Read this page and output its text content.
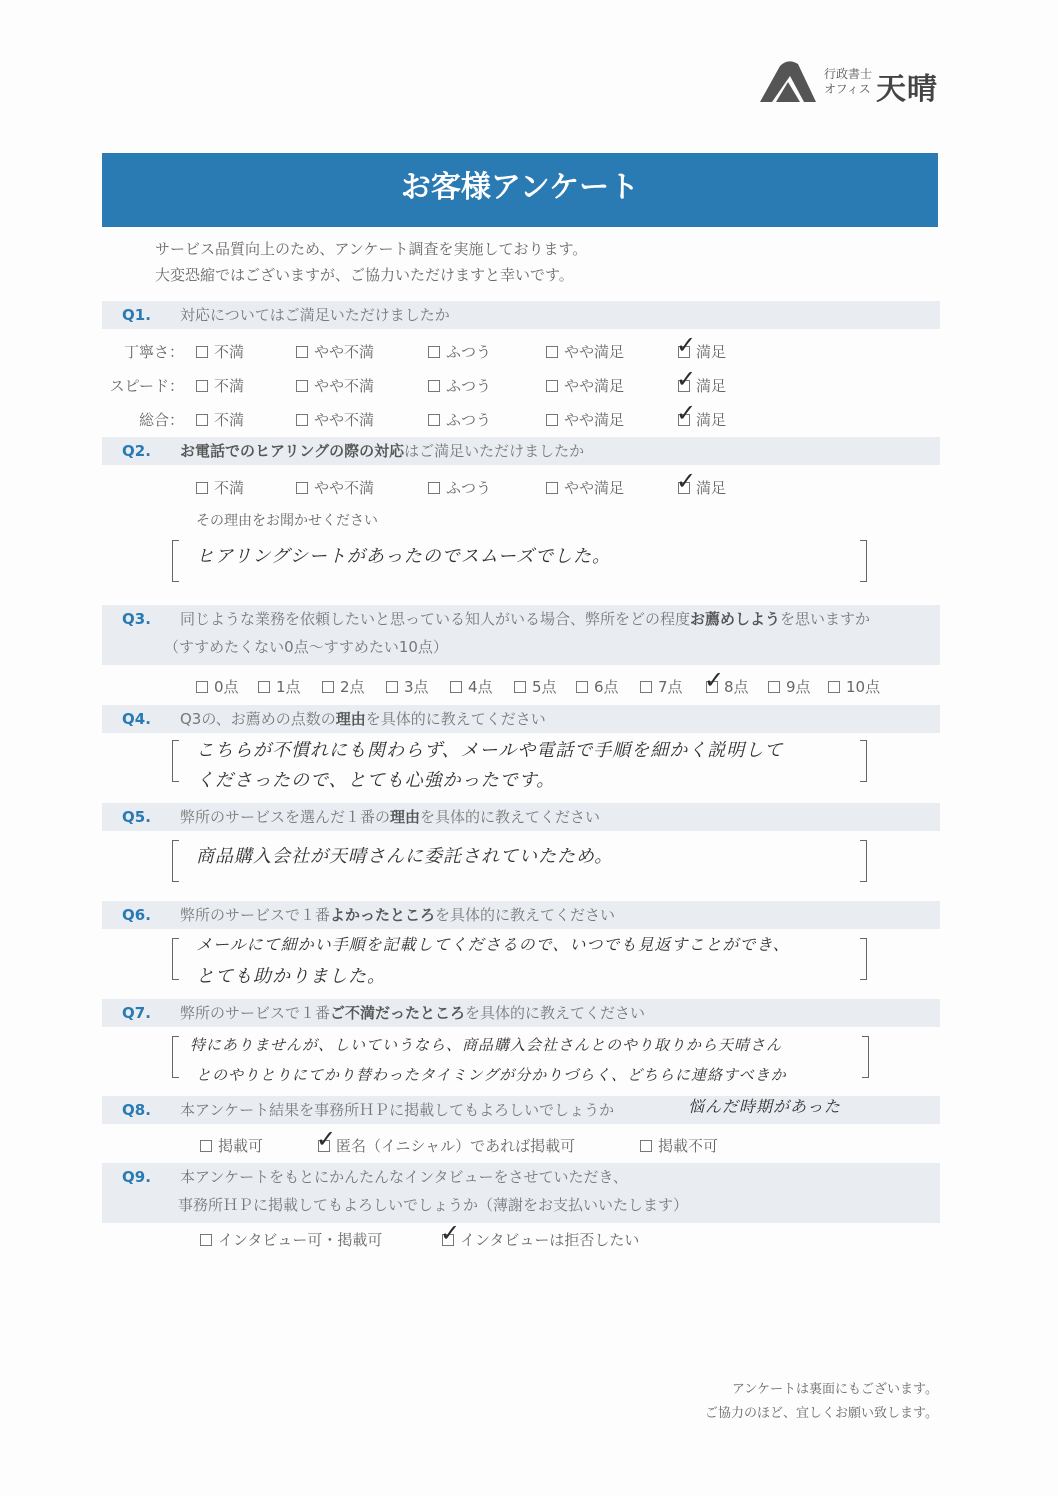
行政書士
オフィス 天晴
お客様アンケート
サービス品質向上のため、アンケート調査を実施しております。
大変恐縮ではございますが、ご協力いただけますと幸いです。
Q1. 対応についてはご満足いただけましたか
Q2. お電話でのヒアリングの際の対応はご満足いただけましたか
その理由をお聞かせください
ヒアリングシートがあったのでスムーズでした。
Q3. 同じような業務を依頼したいと思っている知人がいる場合、弊所をどの程度お薦めしようを思いますか
（すすめたくない0点～すすめたい10点）
Q4. Q3の、お薦めの点数の理由を具体的に教えてください
こちらが不慣れにも関わらず、メールや電話で手順を細かく説明して
くださったので、とても心強かったです。
Q5. 弊所のサービスを選んだ１番の理由を具体的に教えてください
商品購入会社が天晴さんに委託されていたため。
Q6. 弊所のサービスで１番よかったところを具体的に教えてください
メールにて細かい手順を記載してくださるので、いつでも見返すことができ、
とても助かりました。
Q7. 弊所のサービスで１番ご不満だったところを具体的に教えてください
特にありませんが、しいていうなら、商品購入会社さんとのやり取りから天晴さん
とのやりとりにてかり替わったタイミングが分かりづらく、どちらに連絡すべきか
Q8. 本アンケート結果を事務所ＨＰに掲載してもよろしいでしょうか	悩んだ時期があった
Q9. 本アンケートをもとにかんたんなインタビューをさせていただき、
事務所ＨＰに掲載してもよろしいでしょうか（薄謝をお支払いいたします）
アンケートは裏面にもございます。
ご協力のほど、宜しくお願い致します。
丁寧さ：	不満	やや不満	ふつう	やや満足	満足
✓
スピード：	不満	やや不満	ふつう	やや満足	満足
✓
総合：	不満	やや不満	ふつう	やや満足	満足
✓
不満	やや不満	ふつう	やや満足	満足
✓
0点	1点	2点	3点	4点	5点	6点	7点	8点
✓	9点	10点
掲載可	匿名（イニシャル）であれば掲載可
✓	掲載不可
インタビュー可・掲載可	インタビューは拒否したい
✓
